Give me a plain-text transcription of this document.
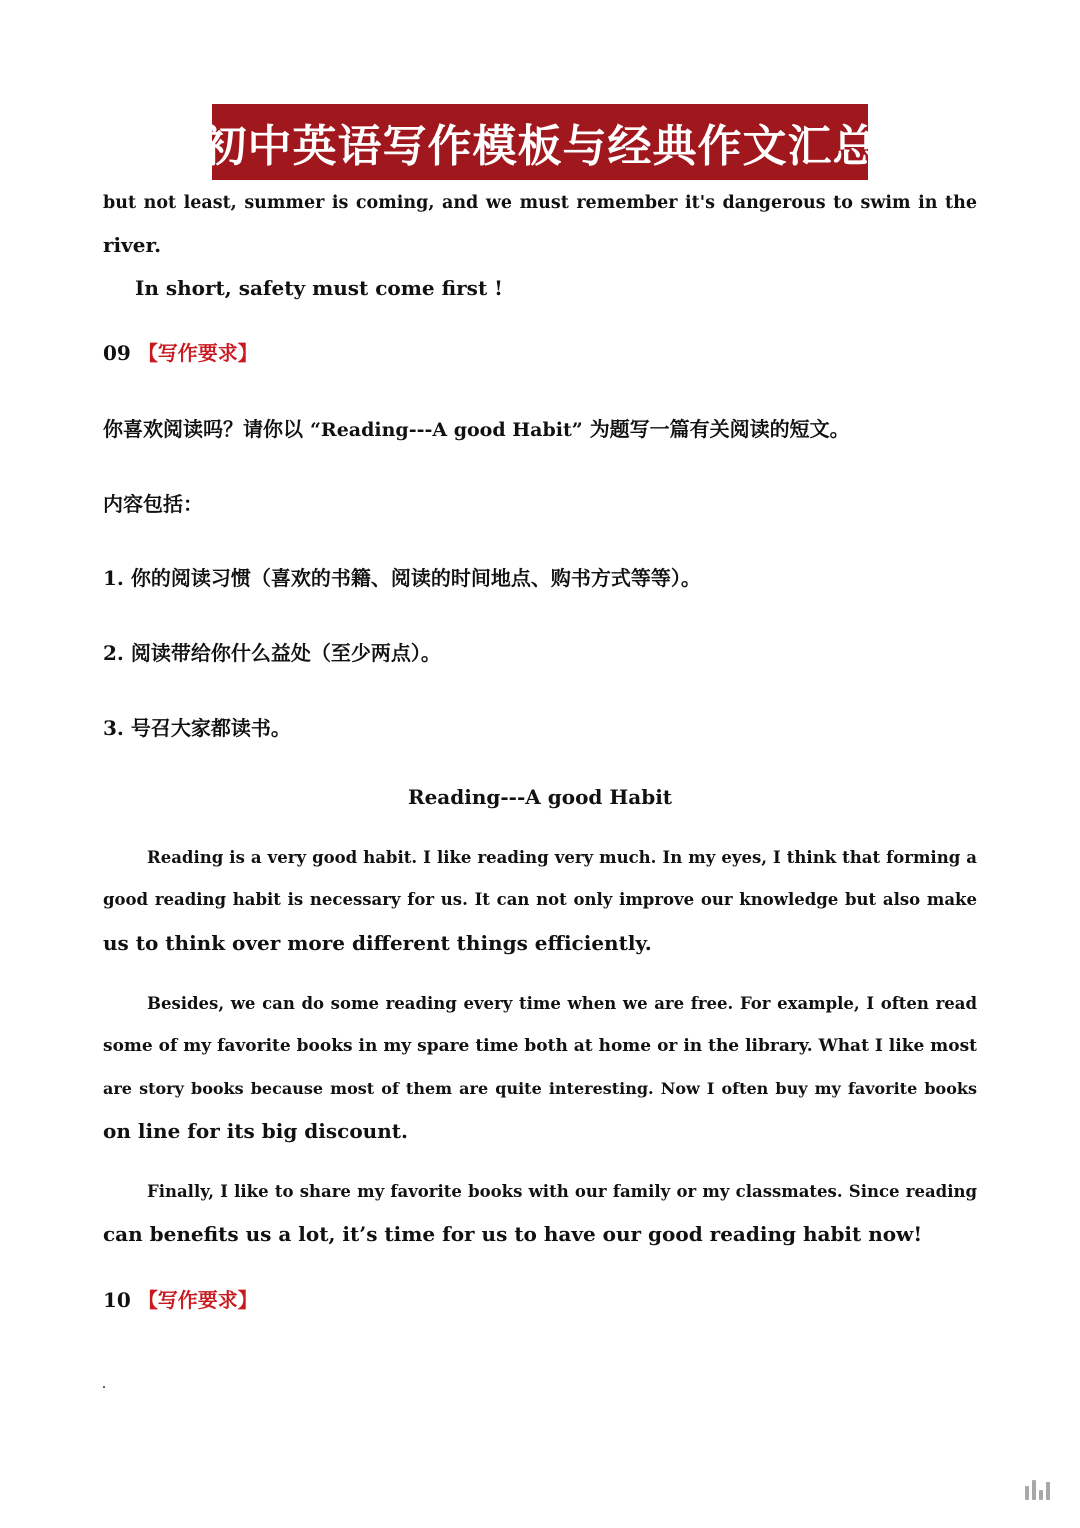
初中英语写作模板与经典作文汇总
but not least, summer is coming, and we must remember it's dangerous to swim in the
river.
In short, safety must come first !
09 【写作要求】
你喜欢阅读吗？请你以 “Reading---A good Habit” 为题写一篇有关阅读的短文。
内容包括：
1. 你的阅读习惯（喜欢的书籍、阅读的时间地点、购书方式等等）。
2. 阅读带给你什么益处（至少两点）。
3. 号召大家都读书。
Reading---A good Habit
Reading is a very good habit. I like reading very much. In my eyes, I think that forming a
good reading habit is necessary for us. It can not only improve our knowledge but also make
us to think over more different things efficiently.
Besides, we can do some reading every time when we are free. For example, I often read
some of my favorite books in my spare time both at home or in the library. What I like most
are story books because most of them are quite interesting. Now I often buy my favorite books
on line for its big discount.
Finally, I like to share my favorite books with our family or my classmates. Since reading
can benefits us a lot, it’s time for us to have our good reading habit now!
10 【写作要求】
